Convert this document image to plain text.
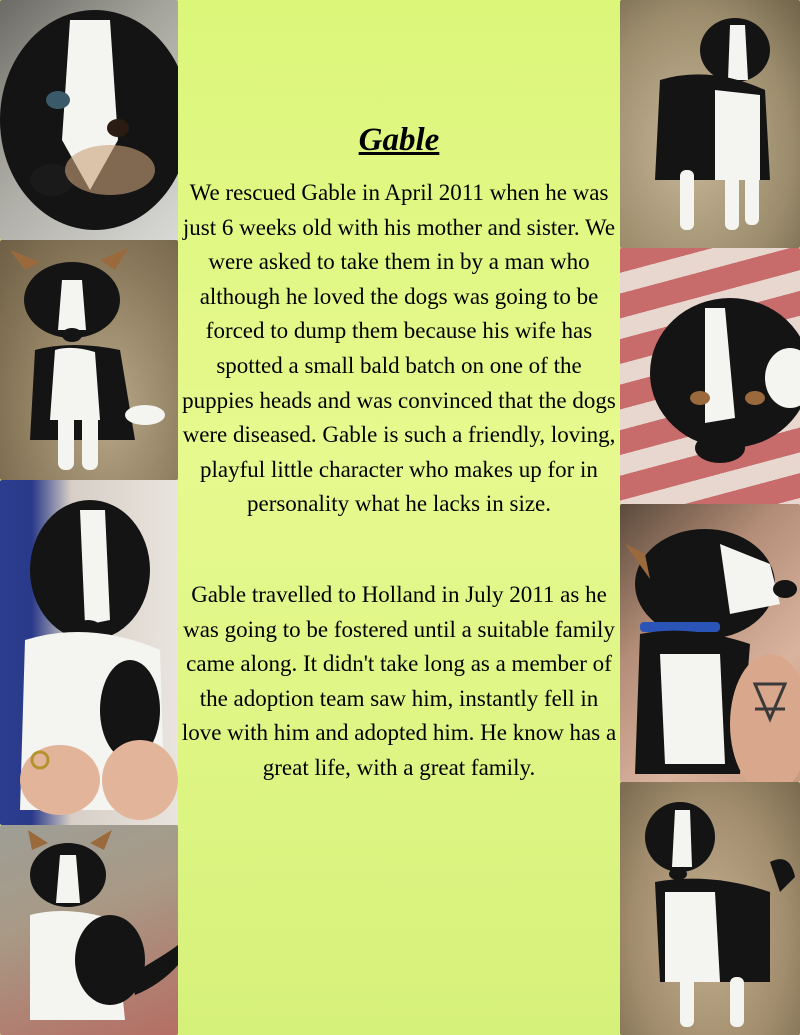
Gable

We rescued Gable in April 2011 when he was just 6 weeks old with his mother and sister. We were asked to take them in by a man who although he loved the dogs was going to be forced to dump them because his wife has spotted a small bald batch on one of the puppies heads and was convinced that the dogs were diseased. Gable is such a friendly, loving, playful little character who makes up for in personality what he lacks in size.

Gable travelled to Holland in July 2011 as he was going to be fostered until a suitable family came along. It didn't take long as a member of the adoption team saw him, instantly fell in love with him and adopted him. He know has a great life, with a great family.
